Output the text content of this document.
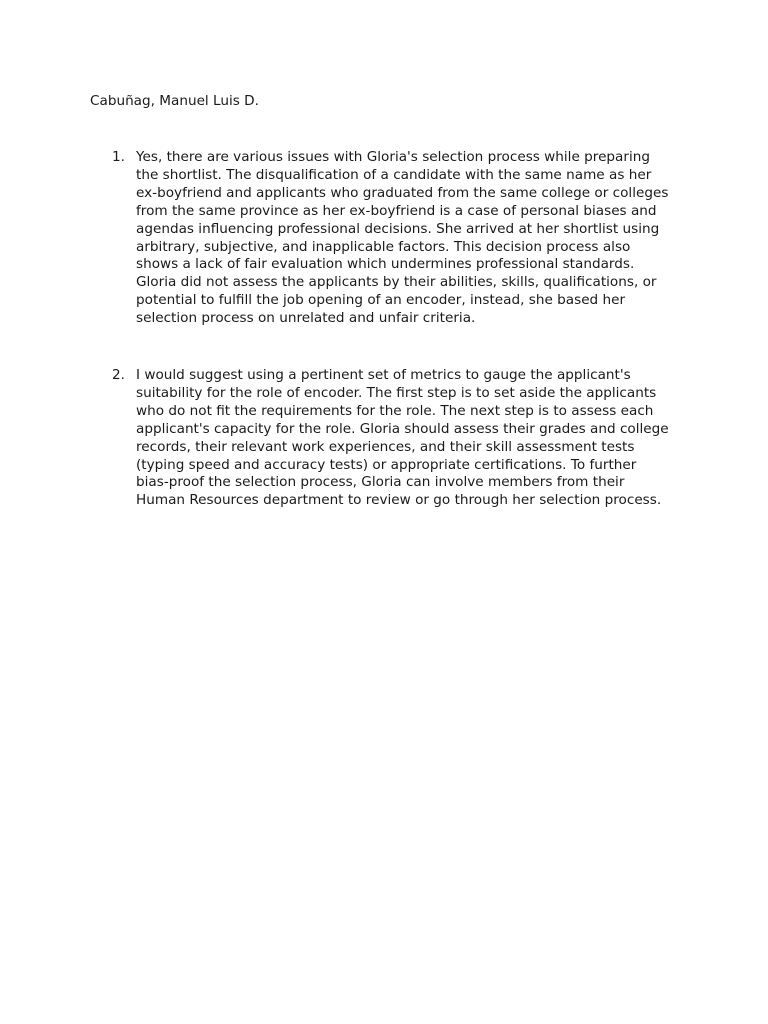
Cabuñag, Manuel Luis D.

1. Yes, there are various issues with Gloria's selection process while preparing
the shortlist. The disqualification of a candidate with the same name as her
ex-boyfriend and applicants who graduated from the same college or colleges
from the same province as her ex-boyfriend is a case of personal biases and
agendas influencing professional decisions. She arrived at her shortlist using
arbitrary, subjective, and inapplicable factors. This decision process also
shows a lack of fair evaluation which undermines professional standards.
Gloria did not assess the applicants by their abilities, skills, qualifications, or
potential to fulfill the job opening of an encoder, instead, she based her
selection process on unrelated and unfair criteria.
2. I would suggest using a pertinent set of metrics to gauge the applicant's
suitability for the role of encoder. The first step is to set aside the applicants
who do not fit the requirements for the role. The next step is to assess each
applicant's capacity for the role. Gloria should assess their grades and college
records, their relevant work experiences, and their skill assessment tests
(typing speed and accuracy tests) or appropriate certifications. To further
bias-proof the selection process, Gloria can involve members from their
Human Resources department to review or go through her selection process.
